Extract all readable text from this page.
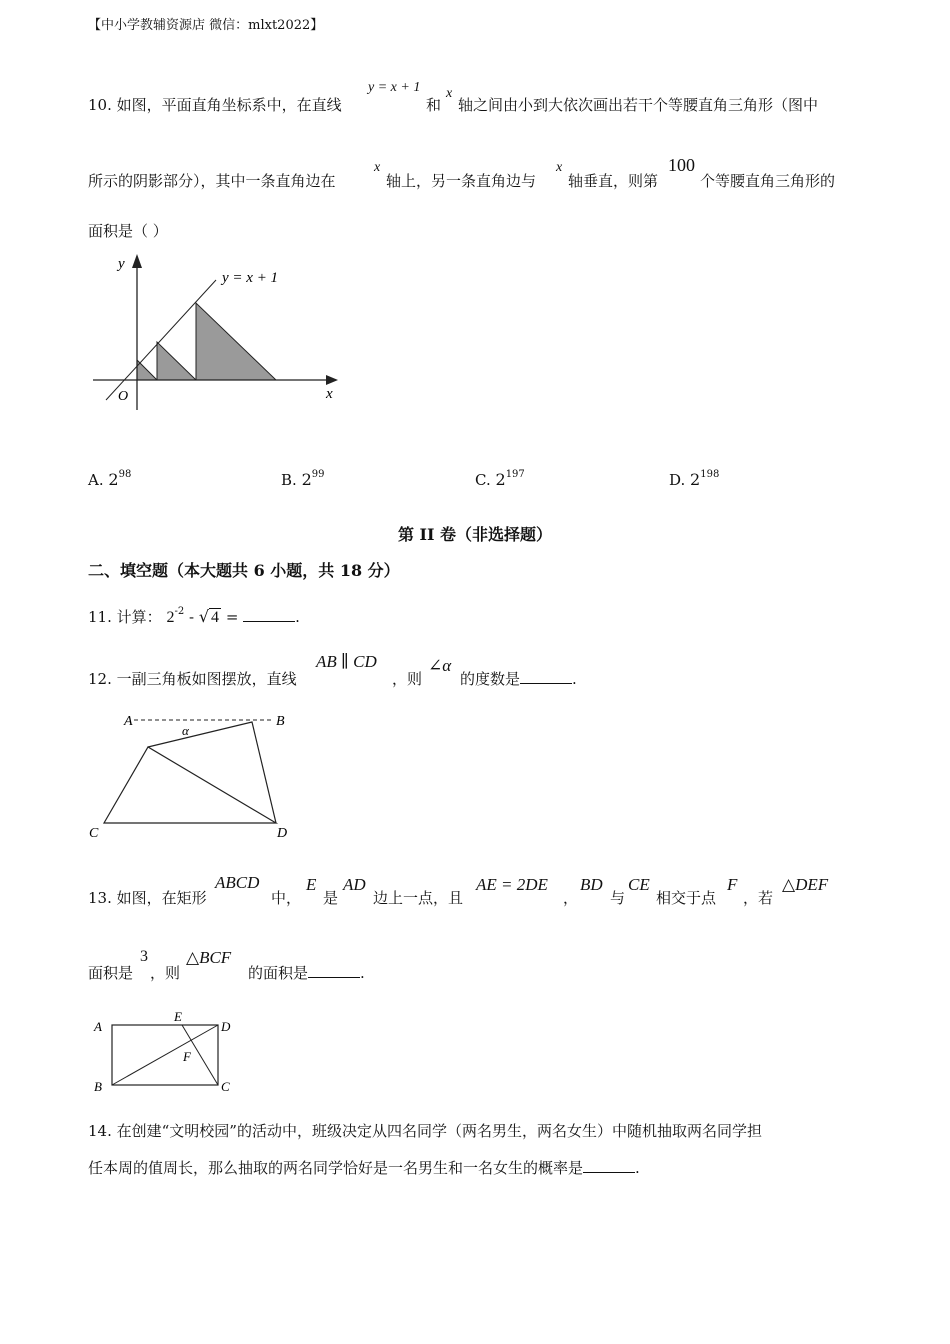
【中小学教辅资源店 微信：mlxt2022】
10. 如图，平面直角坐标系中，在直线
y = x + 1
和
x
轴之间由小到大依次画出若干个等腰直角三角形（图中
所示的阴影部分），其中一条直角边在
x
轴上，另一条直角边与
x
轴垂直，则第
100
个等腰直角三角形的
面积是（ ）
y
x
O
y = x + 1
A. $2^{98}$	B. $2^{99}$	C. $2^{197}$	D. $2^{198}$
第 II 卷（非选择题）
二、填空题（本大题共 6 小题，共 18 分）
11. 计算： $2^{-2}$ - √ 4 =	.
12. 一副三角板如图摆放，直线
AB ∥ CD
，则
∠α
的度数是	.
A	B
C	D
α
13. 如图，在矩形
ABCD
中，
E
是
AD
边上一点，且
AE = 2DE
，
BD
与
CE
相交于点
F
，若
△DEF
面积是
3
，则
△BCF
的面积是	.
A
B	C
D
E
F
14. 在创建“文明校园”的活动中，班级决定从四名同学（两名男生，两名女生）中随机抽取两名同学担
任本周的值周长，那么抽取的两名同学恰好是一名男生和一名女生的概率是	.
